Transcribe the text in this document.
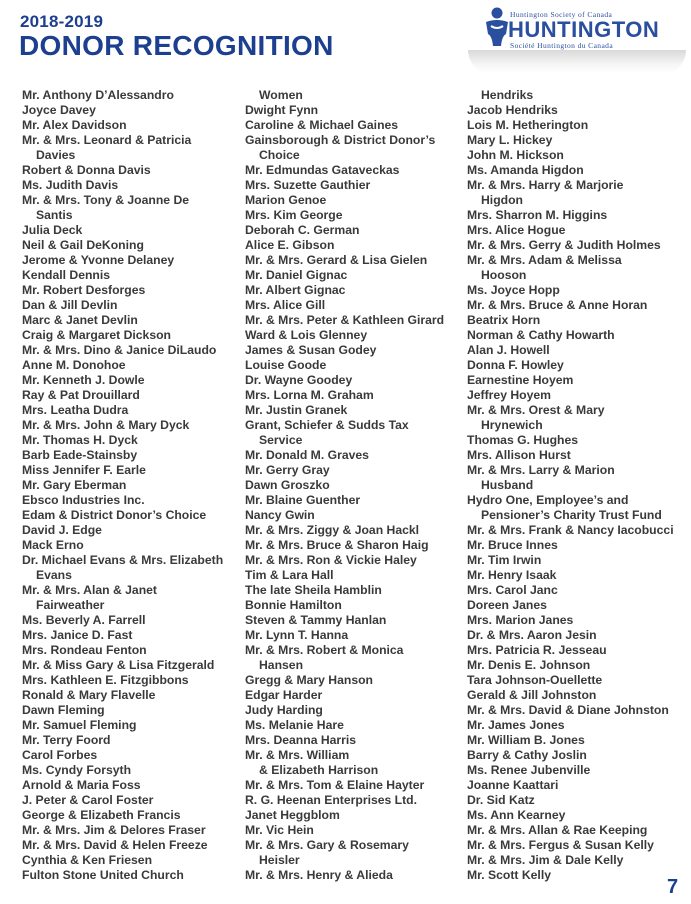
2018-2019
DONOR RECOGNITION
Huntington Society of Canada
HUNTINGTON
Société Huntington du Canada
Mr. Anthony D’Alessandro
Joyce Davey
Mr. Alex Davidson
Mr. & Mrs. Leonard & Patricia
Davies
Robert & Donna Davis
Ms. Judith Davis
Mr. & Mrs. Tony & Joanne De
Santis
Julia Deck
Neil & Gail DeKoning
Jerome & Yvonne Delaney
Kendall Dennis
Mr. Robert Desforges
Dan & Jill Devlin
Marc & Janet Devlin
Craig & Margaret Dickson
Mr. & Mrs. Dino & Janice DiLaudo
Anne M. Donohoe
Mr. Kenneth J. Dowle
Ray & Pat Drouillard
Mrs. Leatha Dudra
Mr. & Mrs. John & Mary Dyck
Mr. Thomas H. Dyck
Barb Eade-Stainsby
Miss Jennifer F. Earle
Mr. Gary Eberman
Ebsco Industries Inc.
Edam & District Donor’s Choice
David J. Edge
Mack Erno
Dr. Michael Evans & Mrs. Elizabeth
Evans
Mr. & Mrs. Alan & Janet
Fairweather
Ms. Beverly A. Farrell
Mrs. Janice D. Fast
Mrs. Rondeau Fenton
Mr. & Miss Gary & Lisa Fitzgerald
Mrs. Kathleen E. Fitzgibbons
Ronald & Mary Flavelle
Dawn Fleming
Mr. Samuel Fleming
Mr. Terry Foord
Carol Forbes
Ms. Cyndy Forsyth
Arnold & Maria Foss
J. Peter & Carol Foster
George & Elizabeth Francis
Mr. & Mrs. Jim & Delores Fraser
Mr. & Mrs. David & Helen Freeze
Cynthia & Ken Friesen
Fulton Stone United Church
Women
Dwight Fynn
Caroline & Michael Gaines
Gainsborough & District Donor’s
Choice
Mr. Edmundas Gataveckas
Mrs. Suzette Gauthier
Marion Genoe
Mrs. Kim George
Deborah C. German
Alice E. Gibson
Mr. & Mrs. Gerard & Lisa Gielen
Mr. Daniel Gignac
Mr. Albert Gignac
Mrs. Alice Gill
Mr. & Mrs. Peter & Kathleen Girard
Ward & Lois Glenney
James & Susan Godey
Louise Goode
Dr. Wayne Goodey
Mrs. Lorna M. Graham
Mr. Justin Granek
Grant, Schiefer & Sudds Tax
Service
Mr. Donald M. Graves
Mr. Gerry Gray
Dawn Groszko
Mr. Blaine Guenther
Nancy Gwin
Mr. & Mrs. Ziggy & Joan Hackl
Mr. & Mrs. Bruce & Sharon Haig
Mr. & Mrs. Ron & Vickie Haley
Tim & Lara Hall
The late Sheila Hamblin
Bonnie Hamilton
Steven & Tammy Hanlan
Mr. Lynn T. Hanna
Mr. & Mrs. Robert & Monica
Hansen
Gregg & Mary Hanson
Edgar Harder
Judy Harding
Ms. Melanie Hare
Mrs. Deanna Harris
Mr. & Mrs. William
& Elizabeth Harrison
Mr. & Mrs. Tom & Elaine Hayter
R. G. Heenan Enterprises Ltd.
Janet Heggblom
Mr. Vic Hein
Mr. & Mrs. Gary & Rosemary
Heisler
Mr. & Mrs. Henry & Alieda
Hendriks
Jacob Hendriks
Lois M. Hetherington
Mary L. Hickey
John M. Hickson
Ms. Amanda Higdon
Mr. & Mrs. Harry & Marjorie
Higdon
Mrs. Sharron M. Higgins
Mrs. Alice Hogue
Mr. & Mrs. Gerry & Judith Holmes
Mr. & Mrs. Adam & Melissa
Hooson
Ms. Joyce Hopp
Mr. & Mrs. Bruce & Anne Horan
Beatrix Horn
Norman & Cathy Howarth
Alan J. Howell
Donna F. Howley
Earnestine Hoyem
Jeffrey Hoyem
Mr. & Mrs. Orest & Mary
Hrynewich
Thomas G. Hughes
Mrs. Allison Hurst
Mr. & Mrs. Larry & Marion
Husband
Hydro One, Employee’s and
Pensioner’s Charity Trust Fund
Mr. & Mrs. Frank & Nancy Iacobucci
Mr. Bruce Innes
Mr. Tim Irwin
Mr. Henry Isaak
Mrs. Carol Janc
Doreen Janes
Mrs. Marion Janes
Dr. & Mrs. Aaron Jesin
Mrs. Patricia R. Jesseau
Mr. Denis E. Johnson
Tara Johnson-Ouellette
Gerald & Jill Johnston
Mr. & Mrs. David & Diane Johnston
Mr. James Jones
Mr. William B. Jones
Barry & Cathy Joslin
Ms. Renee Jubenville
Joanne Kaattari
Dr. Sid Katz
Ms. Ann Kearney
Mr. & Mrs. Allan & Rae Keeping
Mr. & Mrs. Fergus & Susan Kelly
Mr. & Mrs. Jim & Dale Kelly
Mr. Scott Kelly
7
